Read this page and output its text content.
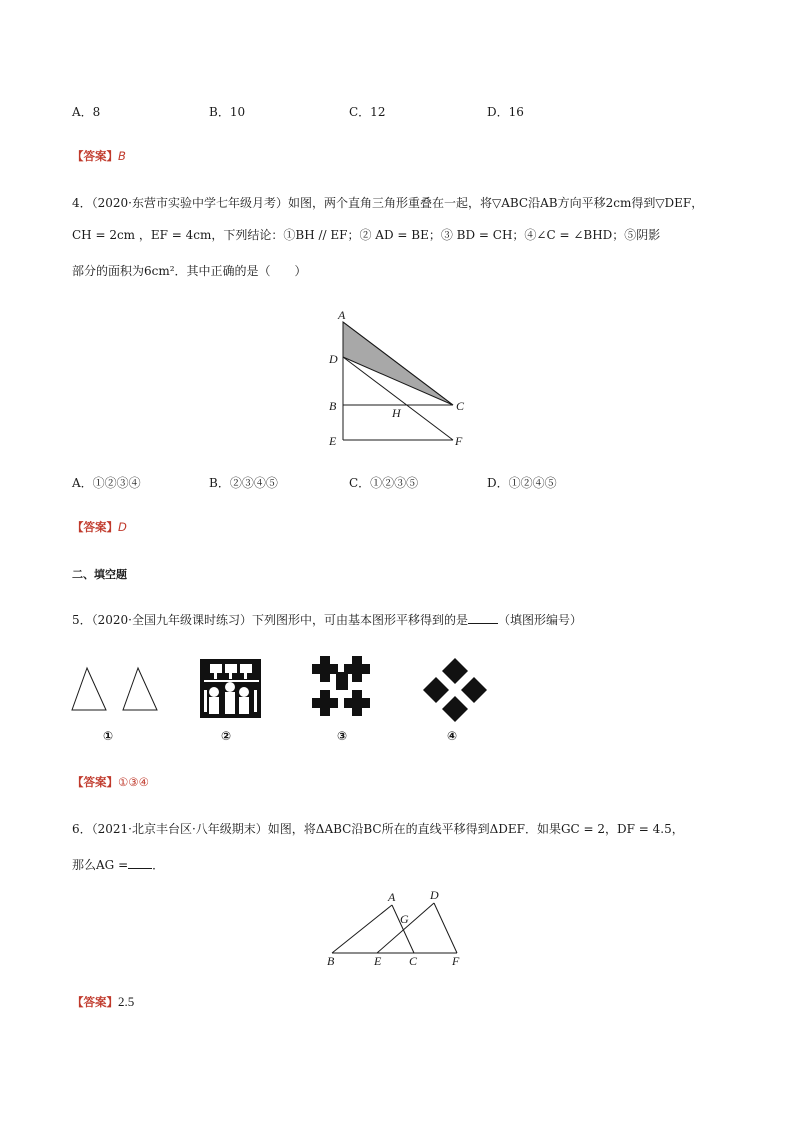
A．8	B．10	C．12	D．16
【答案】B
4．（2020·东营市实验中学七年级月考）如图，两个直角三角形重叠在一起，将▽ABC沿AB方向平移2cm得到▽DEF，
CH = 2cm ，EF = 4cm，下列结论：①BH // EF；② AD = BE；③ BD = CH；④∠C = ∠BHD；⑤阴影
部分的面积为6cm²．其中正确的是（　　）
A
D
B	H	C
E	F
A．①②③④	B．②③④⑤	C．①②③⑤	D．①②④⑤
【答案】D
二、填空题
5．（2020·全国九年级课时练习）下列图形中，可由基本图形平移得到的是	（填图形编号）
①	②	③	④
【答案】①③④
6．（2021·北京丰台区·八年级期末）如图，将ΔABC沿BC所在的直线平移得到ΔDEF．如果GC = 2，DF = 4.5，
那么AG = ．
A	D
G
B	E C	F
【答案】2.5
